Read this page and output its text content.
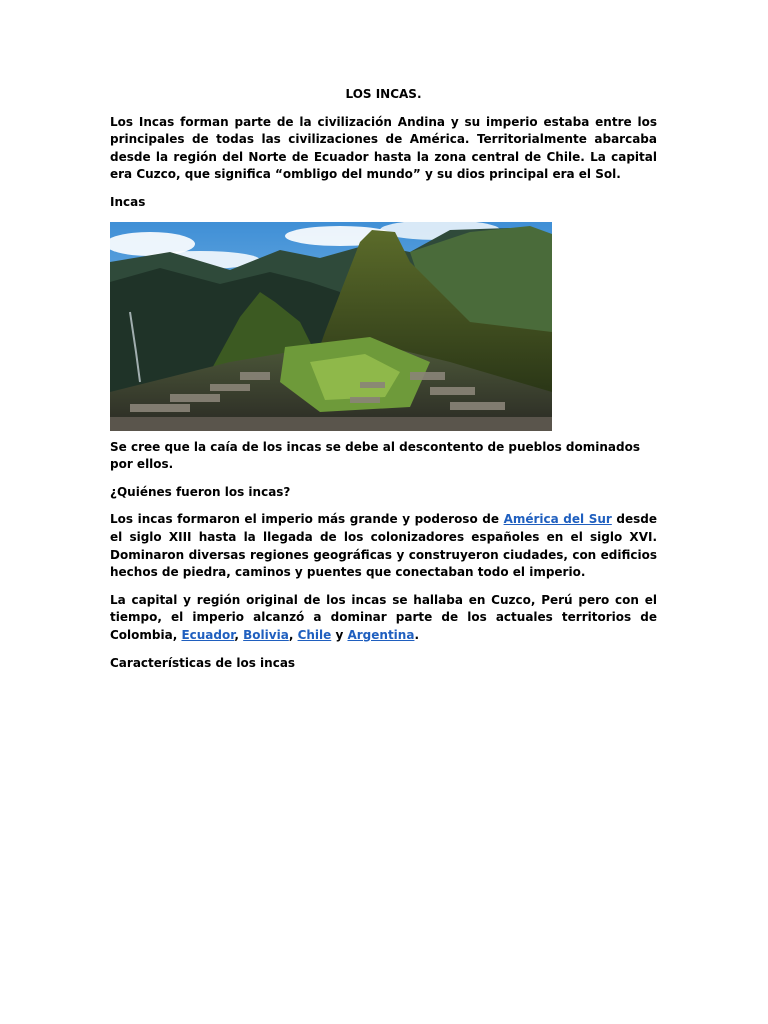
LOS INCAS.

Los Incas forman parte de la civilización Andina y su imperio estaba entre los principales de todas las civilizaciones de América. Territorialmente abarcaba desde la región del Norte de Ecuador hasta la zona central de Chile. La capital era Cuzco, que significa “ombligo del mundo” y su dios principal era el Sol.

Incas

Se cree que la caía de los incas se debe al descontento de pueblos dominados por ellos.

¿Quiénes fueron los incas?

Los incas formaron el imperio más grande y poderoso de América del Sur desde el siglo XIII hasta la llegada de los colonizadores españoles en el siglo XVI. Dominaron diversas regiones geográficas y construyeron ciudades, con edificios hechos de piedra, caminos y puentes que conectaban todo el imperio.

La capital y región original de los incas se hallaba en Cuzco, Perú pero con el tiempo, el imperio alcanzó a dominar parte de los actuales territorios de Colombia, Ecuador, Bolivia, Chile y Argentina.

Características de los incas
